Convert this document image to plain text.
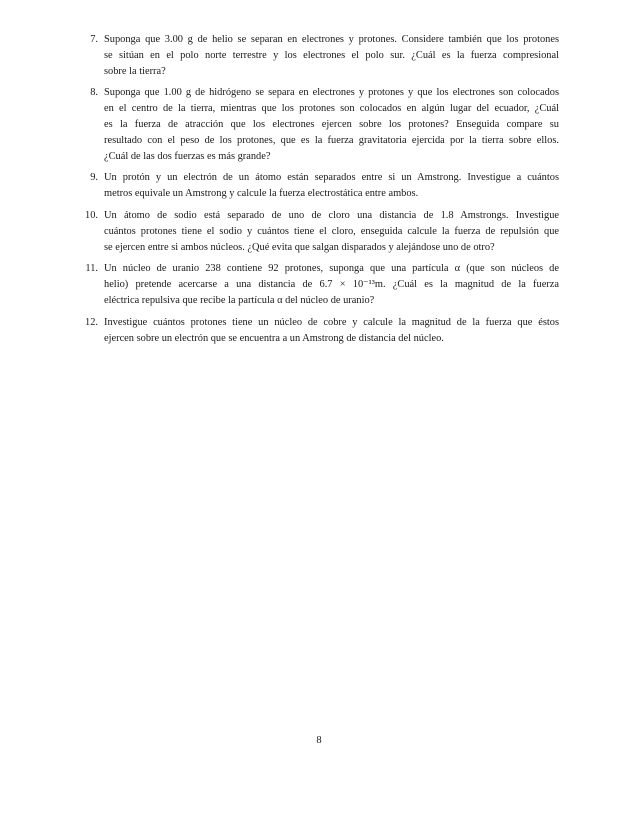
7. Suponga que 3.00 g de helio se separan en electrones y protones. Considere también que los protones
se sitúan en el polo norte terrestre y los electrones el polo sur. ¿Cuál es la fuerza compresional
sobre la tierra?
8. Suponga que 1.00 g de hidrógeno se separa en electrones y protones y que los electrones son colocados
en el centro de la tierra, mientras que los protones son colocados en algún lugar del ecuador, ¿Cuál
es la fuerza de atracción que los electrones ejercen sobre los protones? Enseguida compare su
resultado con el peso de los protones, que es la fuerza gravitatoria ejercida por la tierra sobre ellos.
¿Cuál de las dos fuerzas es más grande?
9. Un protón y un electrón de un átomo están separados entre si un Amstrong. Investigue a cuántos
metros equivale un Amstrong y calcule la fuerza electrostática entre ambos.
10. Un átomo de sodio está separado de uno de cloro una distancia de 1.8 Amstrongs. Investigue
cuántos protones tiene el sodio y cuántos tiene el cloro, enseguida calcule la fuerza de repulsión que
se ejercen entre si ambos núcleos. ¿Qué evita que salgan disparados y alejándose uno de otro?
11. Un núcleo de uranio 238 contiene 92 protones, suponga que una partícula α (que son núcleos de
helio) pretende acercarse a una distancia de 6.7 × 10⁻¹³m. ¿Cuál es la magnitud de la fuerza
eléctrica repulsiva que recibe la partícula α del núcleo de uranio?
12. Investigue cuántos protones tiene un núcleo de cobre y calcule la magnitud de la fuerza que éstos
ejercen sobre un electrón que se encuentra a un Amstrong de distancia del núcleo.
8
